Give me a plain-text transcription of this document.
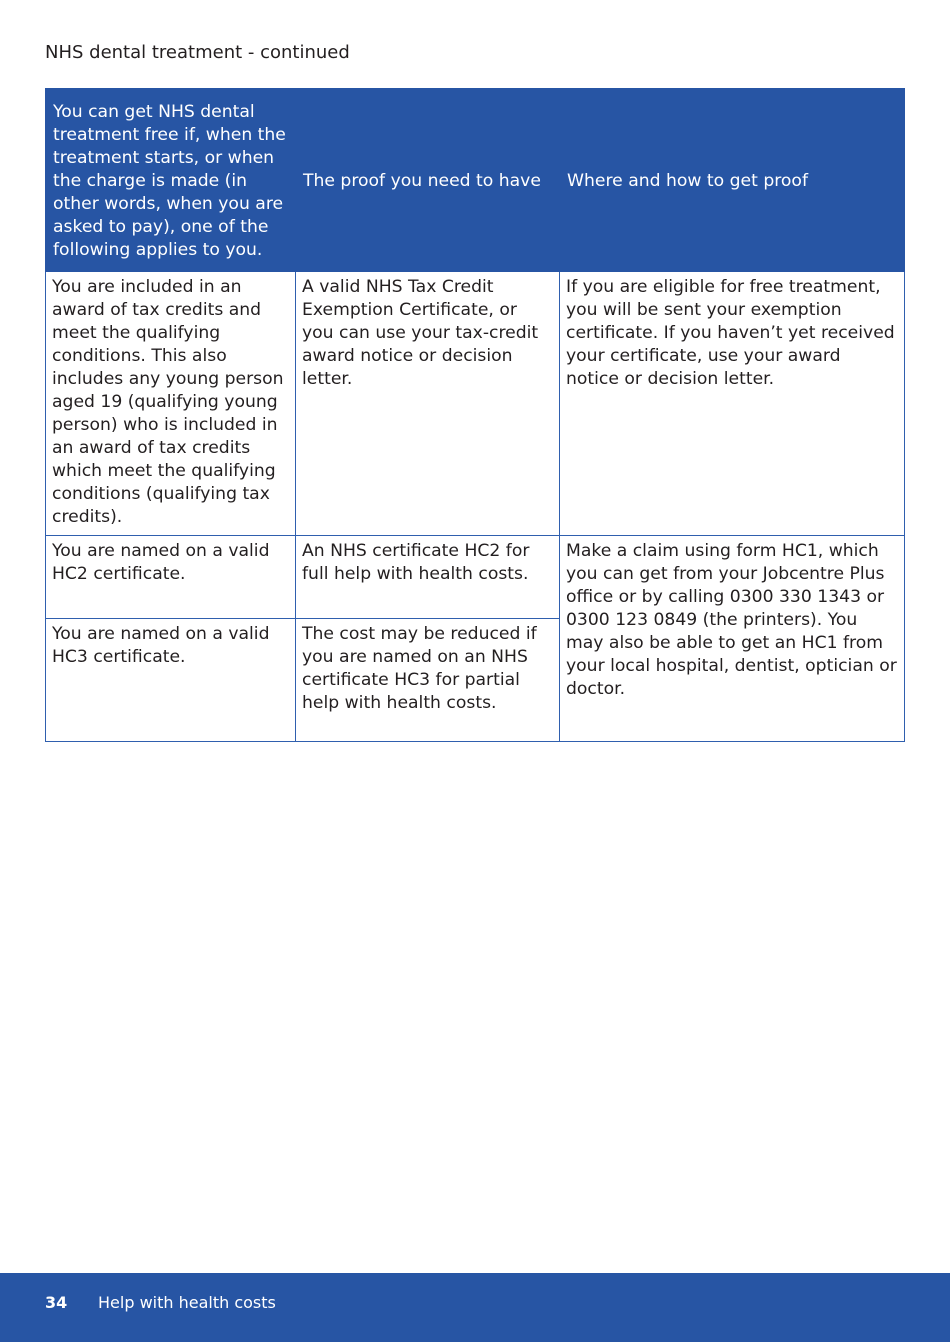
NHS dental treatment - continued
You can get NHS dental treatment free if, when the treatment starts, or when the charge is made (in other words, when you are asked to pay), one of the following applies to you.	The proof you need to have	Where and how to get proof
You are included in an award of tax credits and meet the qualifying conditions. This also includes any young person aged 19 (qualifying young person) who is included in an award of tax credits which meet the qualifying conditions (qualifying tax credits).	A valid NHS Tax Credit Exemption Certificate, or you can use your tax-credit award notice or decision letter.	If you are eligible for free treatment, you will be sent your exemption certificate. If you haven’t yet received your certificate, use your award notice or decision letter.
You are named on a valid HC2 certificate.	An NHS certificate HC2 for full help with health costs.	Make a claim using form HC1, which you can get from your Jobcentre Plus office or by calling 0300 330 1343 or 0300 123 0849 (the printers). You may also be able to get an HC1 from your local hospital, dentist, optician or doctor.
You are named on a valid HC3 certificate.	The cost may be reduced if you are named on an NHS certificate HC3 for partial help with health costs.	
34 Help with health costs
